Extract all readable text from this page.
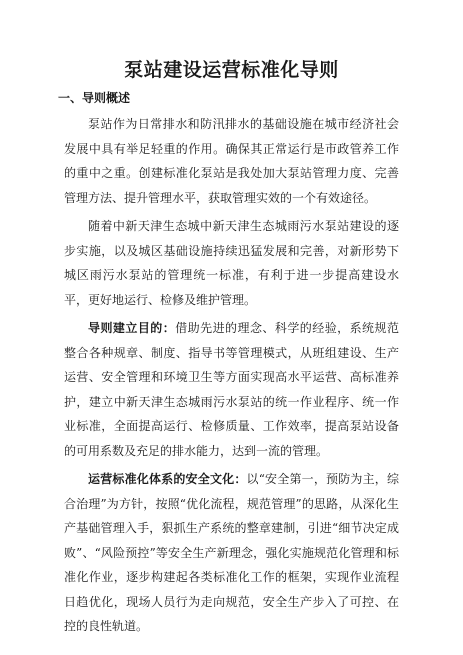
泵站建设运营标准化导则
一、导则概述

泵站作为日常排水和防汛排水的基础设施在城市经济社会发展中具有举足轻重的作用。确保其正常运行是市政管养工作的重中之重。创建标准化泵站是我处加大泵站管理力度、完善管理方法、提升管理水平，获取管理实效的一个有效途径。

随着中新天津生态城中新天津生态城雨污水泵站建设的逐步实施，以及城区基础设施持续迅猛发展和完善，对新形势下城区雨污水泵站的管理统一标准，有利于进一步提高建设水平，更好地运行、检修及维护管理。

导则建立目的：借助先进的理念、科学的经验，系统规范整合各种规章、制度、指导书等管理模式，从班组建设、生产运营、安全管理和环境卫生等方面实现高水平运营、高标准养护，建立中新天津生态城雨污水泵站的统一作业程序、统一作业标准，全面提高运行、检修质量、工作效率，提高泵站设备的可用系数及充足的排水能力，达到一流的管理。

运营标准化体系的安全文化：以“安全第一，预防为主，综合治理”为方针，按照“优化流程，规范管理”的思路，从深化生产基础管理入手，狠抓生产系统的整章建制，引进“细节决定成败”、“风险预控”等安全生产新理念，强化实施规范化管理和标准化作业，逐步构建起各类标准化工作的框架，实现作业流程日趋优化，现场人员行为走向规范，安全生产步入了可控、在控的良性轨道。
